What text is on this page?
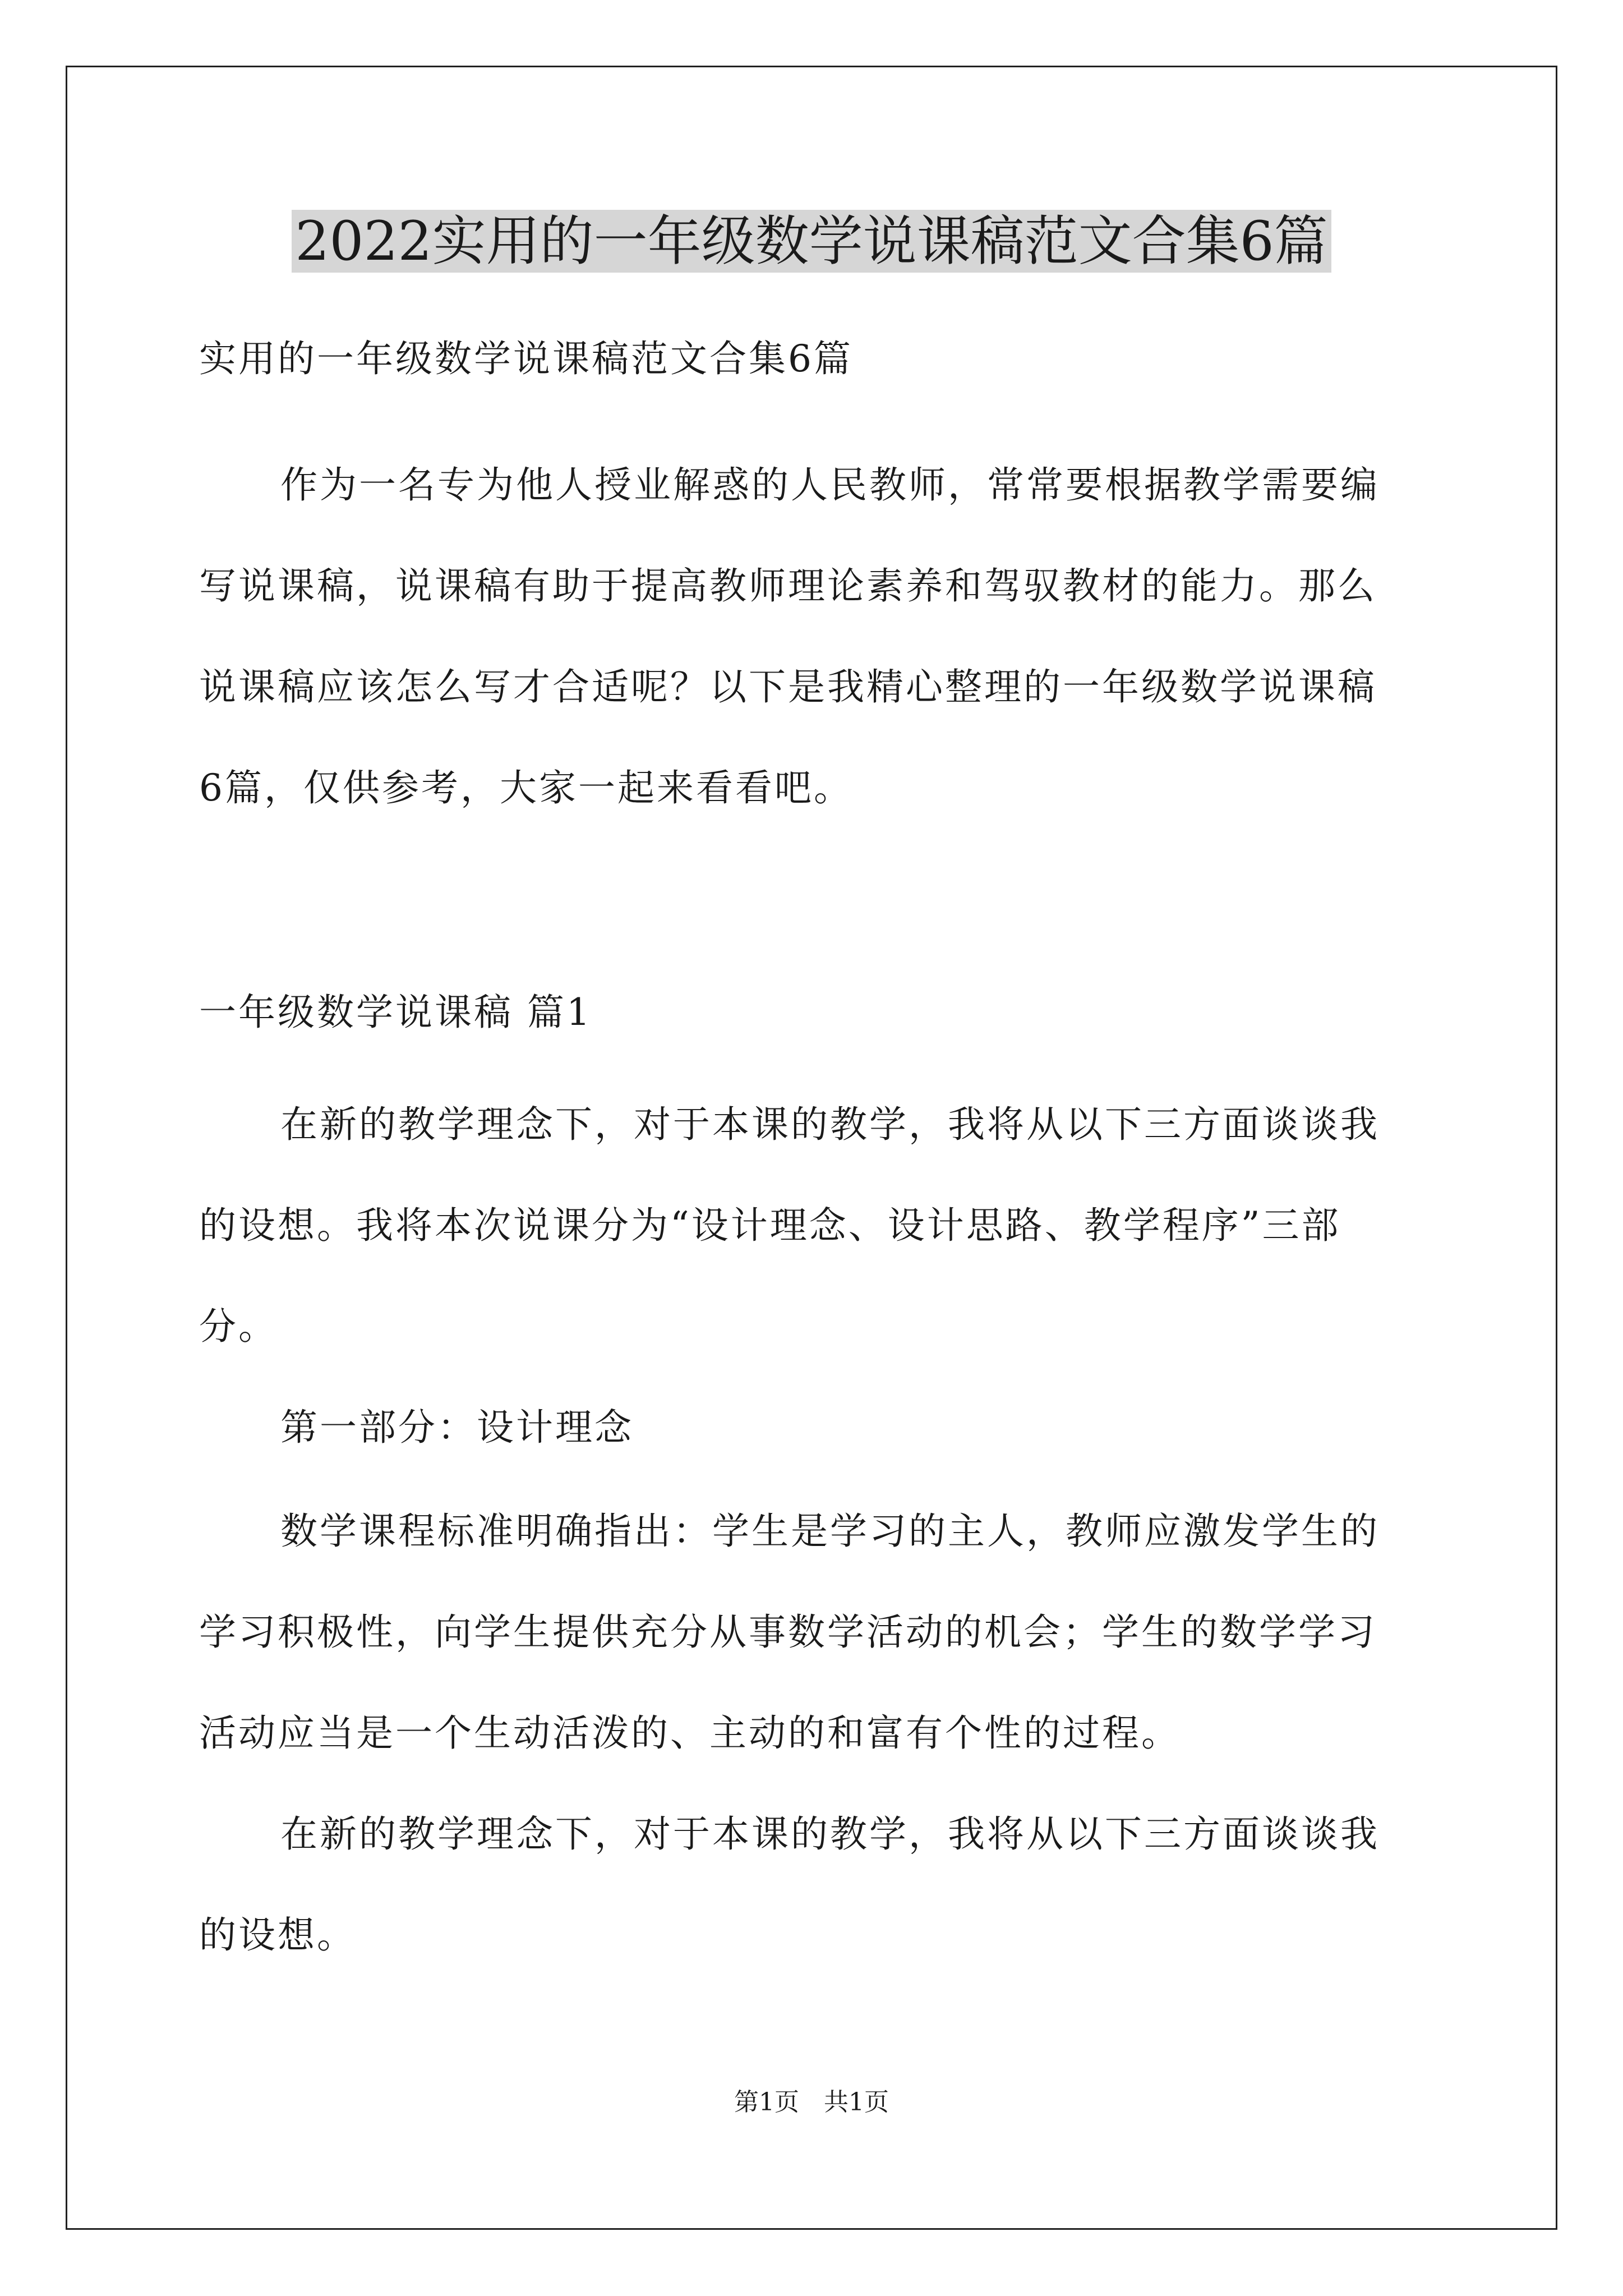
2022实用的一年级数学说课稿范文合集6篇

实用的一年级数学说课稿范文合集6篇

作为一名专为他人授业解惑的人民教师，常常要根据教学需要编

写说课稿，说课稿有助于提高教师理论素养和驾驭教材的能力。那么

说课稿应该怎么写才合适呢？以下是我精心整理的一年级数学说课稿

6篇，仅供参考，大家一起来看看吧。

一年级数学说课稿 篇1

在新的教学理念下，对于本课的教学，我将从以下三方面谈谈我

的设想。我将本次说课分为“设计理念、设计思路、教学程序”三部

分。

第一部分：设计理念

数学课程标准明确指出：学生是学习的主人，教师应激发学生的

学习积极性，向学生提供充分从事数学活动的机会；学生的数学学习

活动应当是一个生动活泼的、主动的和富有个性的过程。

在新的教学理念下，对于本课的教学，我将从以下三方面谈谈我

的设想。

第1页　共1页
